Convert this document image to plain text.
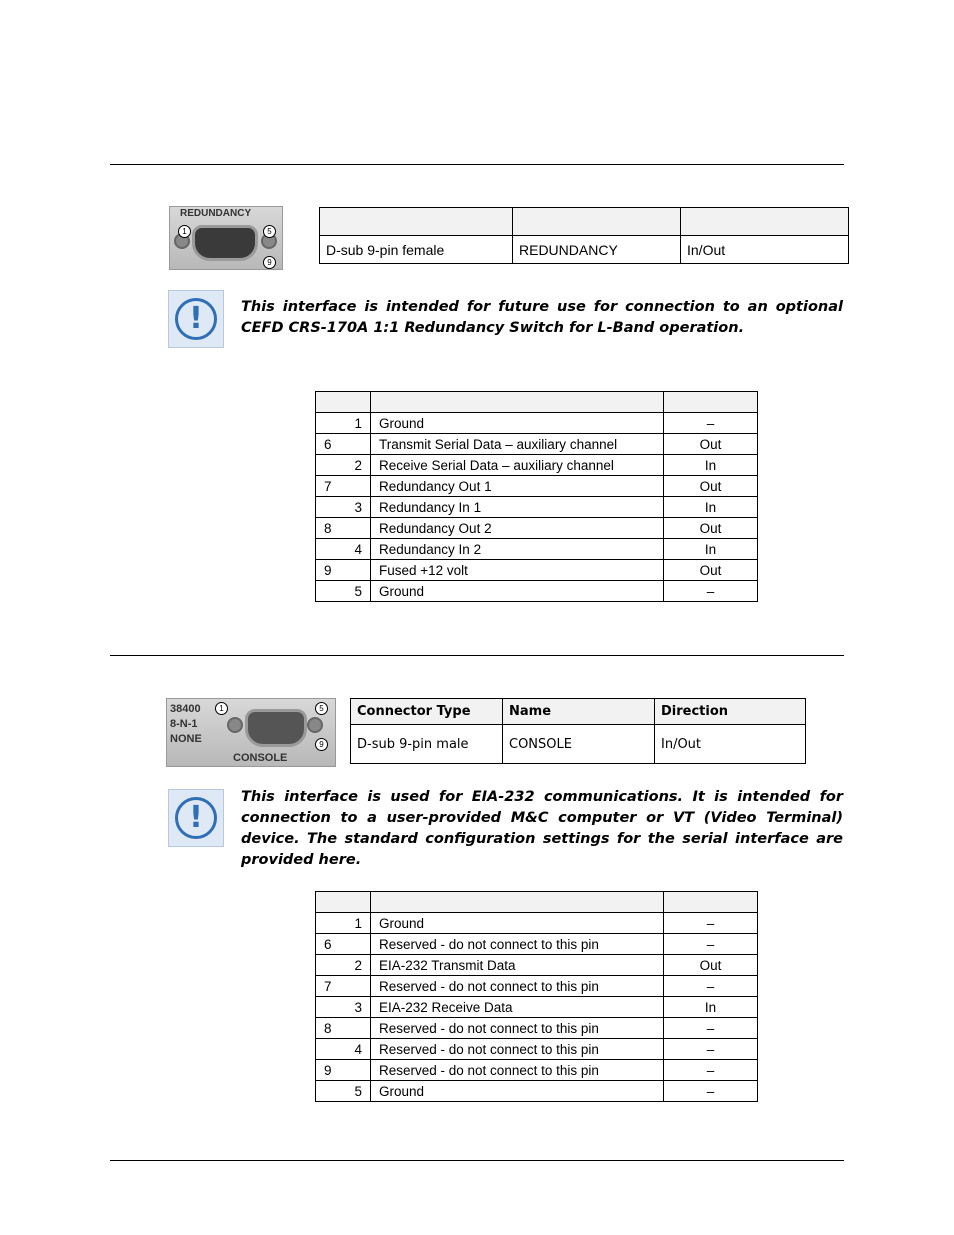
REDUNDANCY
1	5
9

D-sub 9-pin female	REDUNDANCY	In/Out
!	This interface is intended for future use for connection to an optional CEFD CRS-170A 1:1 Redundancy Switch for L-Band operation.

1	Ground	–
6	Transmit Serial Data – auxiliary channel	Out
2	Receive Serial Data – auxiliary channel	In
7	Redundancy Out 1	Out
3	Redundancy In 1	In
8	Redundancy Out 2	Out
4	Redundancy In 2	In
9	Fused +12 volt	Out
5	Ground	–
38400
8-N-1
NONE
CONSOLE
1	5
9
Connector Type	Name	Direction
D-sub 9-pin male	CONSOLE	In/Out
!
This interface is used for EIA-232 communications. It is intended for connection to a user-provided M&C computer or VT (Video Terminal) device. The standard configuration settings for the serial interface are provided here.

1	Ground	–
6	Reserved - do not connect to this pin	–
2	EIA-232 Transmit Data	Out
7	Reserved - do not connect to this pin	–
3	EIA-232 Receive Data	In
8	Reserved - do not connect to this pin	–
4	Reserved - do not connect to this pin	–
9	Reserved - do not connect to this pin	–
5	Ground	–
